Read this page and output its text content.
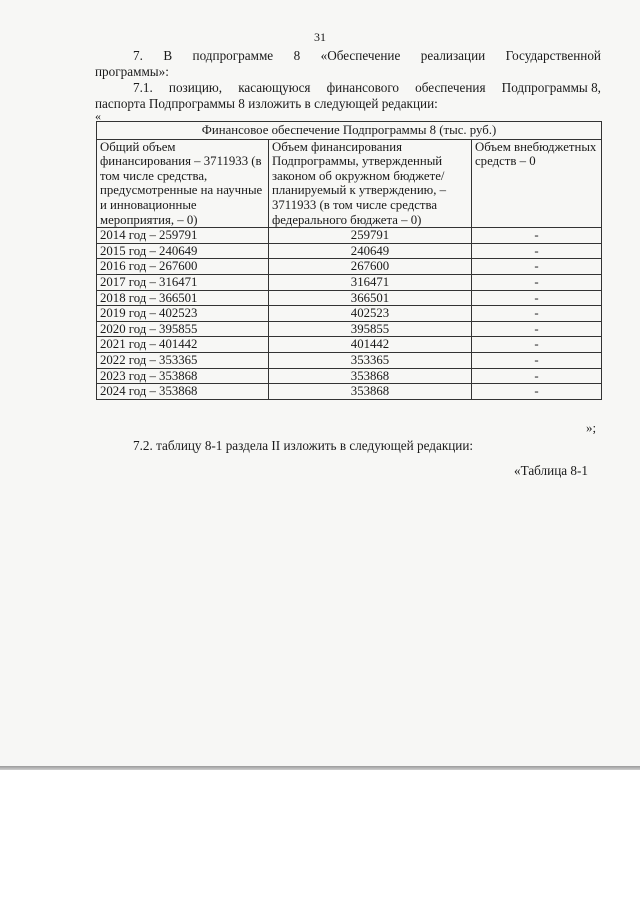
31
7. В подпрограмме 8 «Обеспечение реализации Государственной
программы»:
7.1. позицию, касающуюся финансового обеспечения Подпрограммы 8,
паспорта Подпрограммы 8 изложить в следующей редакции:
«
Финансовое обеспечение Подпрограммы 8 (тыс. руб.)		
Общий объем финансирования – 3711933 (в том числе средства, предусмотренные на научные и инновационные мероприятия, – 0)	Объем финансирования Подпрограммы, утвержденный законом об окружном бюджете/планируемый к утверждению, – 3711933 (в том числе средства федерального бюджета – 0)	Объем внебюджетных средств – 0
2014 год – 259791	259791	-
2015 год – 240649	240649	-
2016 год – 267600	267600	-
2017 год – 316471	316471	-
2018 год – 366501	366501	-
2019 год – 402523	402523	-
2020 год – 395855	395855	-
2021 год – 401442	401442	-
2022 год – 353365	353365	-
2023 год – 353868	353868	-
2024 год – 353868	353868	-
»;
7.2. таблицу 8-1 раздела II изложить в следующей редакции:
«Таблица 8-1
